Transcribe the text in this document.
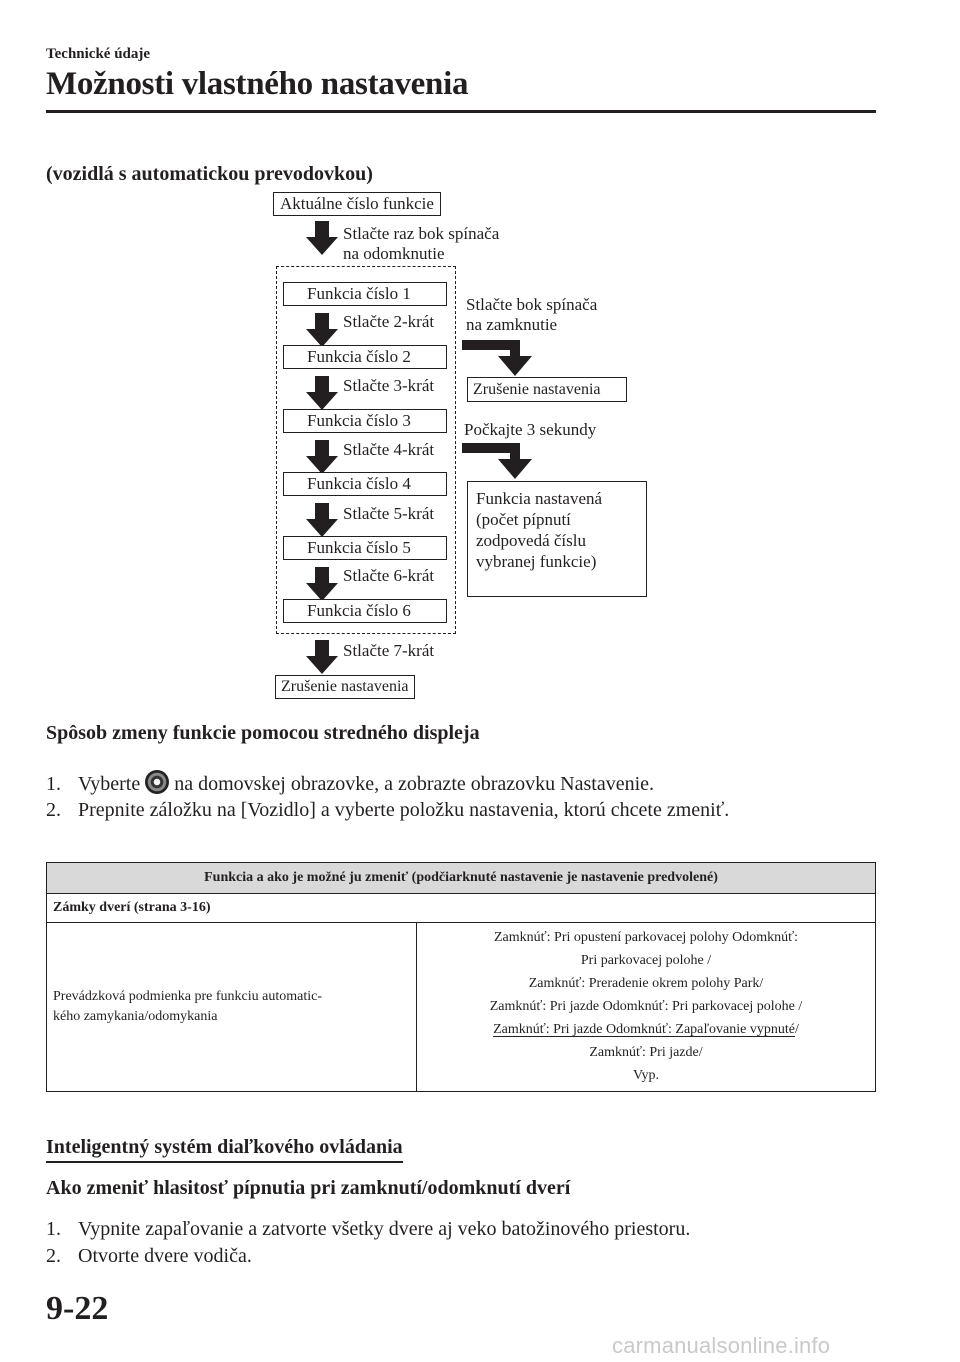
Technické údaje
Možnosti vlastného nastavenia
(vozidlá s automatickou prevodovkou)
Aktuálne číslo funkcie
Stlačte raz bok spínača
na odomknutie
Funkcia číslo 1
Stlačte 2-krát
Funkcia číslo 2
Stlačte 3-krát
Funkcia číslo 3
Stlačte 4-krát
Funkcia číslo 4
Stlačte 5-krát
Funkcia číslo 5
Stlačte 6-krát
Funkcia číslo 6
Stlačte 7-krát
Zrušenie nastavenia
Stlačte bok spínača
na zamknutie
Zrušenie nastavenia
Počkajte 3 sekundy
Funkcia nastavená
(počet pípnutí
zodpovedá číslu
vybranej funkcie)
Spôsob zmeny funkcie pomocou stredného displeja
1. Vyberte na domovskej obrazovke, a zobrazte obrazovku Nastavenie.
2. Prepnite záložku na [Vozidlo] a vyberte položku nastavenia, ktorú chcete zmeniť.
Funkcia a ako je možné ju zmeniť (podčiarknuté nastavenie je nastavenie predvolené)
Zámky dverí (strana 3-16)

Prevádzková podmienka pre funkciu automatic-
kého zamykania/odomykania

Zamknúť: Pri opustení parkovacej polohy Odomknúť:
Pri parkovacej polohe /
Zamknúť: Preradenie okrem polohy Park/
Zamknúť: Pri jazde Odomknúť: Pri parkovacej polohe /
Zamknúť: Pri jazde Odomknúť: Zapaľovanie vypnuté/
Zamknúť: Pri jazde/
Vyp.
Inteligentný systém diaľkového ovládania
Ako zmeniť hlasitosť pípnutia pri zamknutí/odomknutí dverí
1. Vypnite zapaľovanie a zatvorte všetky dvere aj veko batožinového priestoru.
2. Otvorte dvere vodiča.
9-22
carmanualsonline.info
